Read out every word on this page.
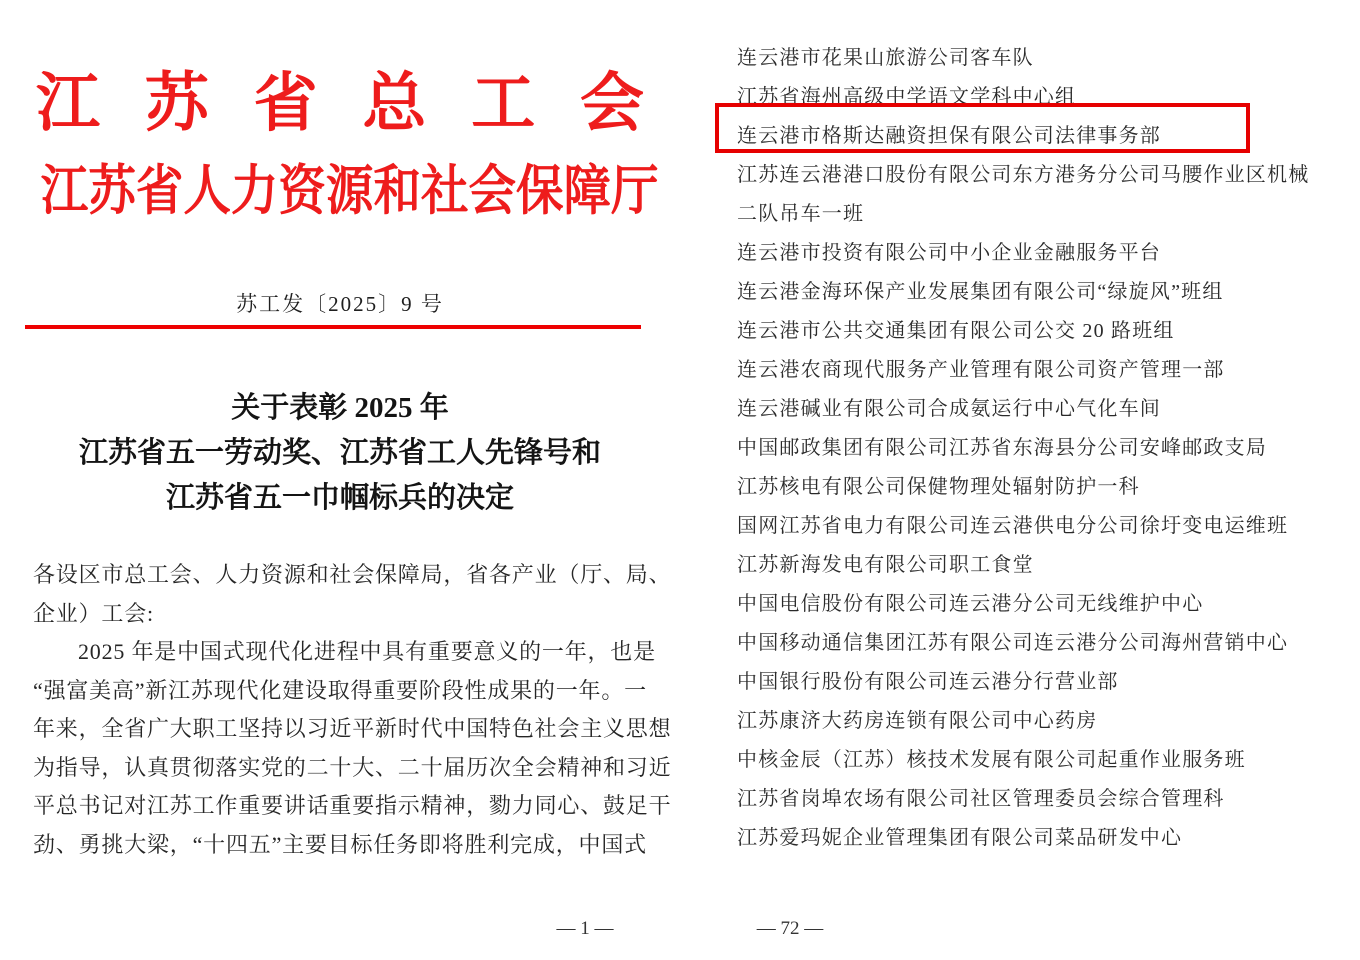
江 苏 省 总 工 会
江苏省人力资源和社会保障厅
苏工发〔2025〕9 号
关于表彰 2025 年
江苏省五一劳动奖、江苏省工人先锋号和
江苏省五一巾帼标兵的决定
各设区市总工会、人力资源和社会保障局，省各产业（厅、局、
企业）工会:
2025 年是中国式现代化进程中具有重要意义的一年，也是
“强富美高”新江苏现代化建设取得重要阶段性成果的一年。一
年来，全省广大职工坚持以习近平新时代中国特色社会主义思想
为指导，认真贯彻落实党的二十大、二十届历次全会精神和习近
平总书记对江苏工作重要讲话重要指示精神，勠力同心、鼓足干
劲、勇挑大梁，“十四五”主要目标任务即将胜利完成，中国式
— 1 —
连云港市花果山旅游公司客车队
江苏省海州高级中学语文学科中心组
连云港市格斯达融资担保有限公司法律事务部
江苏连云港港口股份有限公司东方港务分公司马腰作业区机械
二队吊车一班
连云港市投资有限公司中小企业金融服务平台
连云港金海环保产业发展集团有限公司“绿旋风”班组
连云港市公共交通集团有限公司公交 20 路班组
连云港农商现代服务产业管理有限公司资产管理一部
连云港碱业有限公司合成氨运行中心气化车间
中国邮政集团有限公司江苏省东海县分公司安峰邮政支局
江苏核电有限公司保健物理处辐射防护一科
国网江苏省电力有限公司连云港供电分公司徐圩变电运维班
江苏新海发电有限公司职工食堂
中国电信股份有限公司连云港分公司无线维护中心
中国移动通信集团江苏有限公司连云港分公司海州营销中心
中国银行股份有限公司连云港分行营业部
江苏康济大药房连锁有限公司中心药房
中核金辰（江苏）核技术发展有限公司起重作业服务班
江苏省岗埠农场有限公司社区管理委员会综合管理科
江苏爱玛妮企业管理集团有限公司菜品研发中心
— 72 —
